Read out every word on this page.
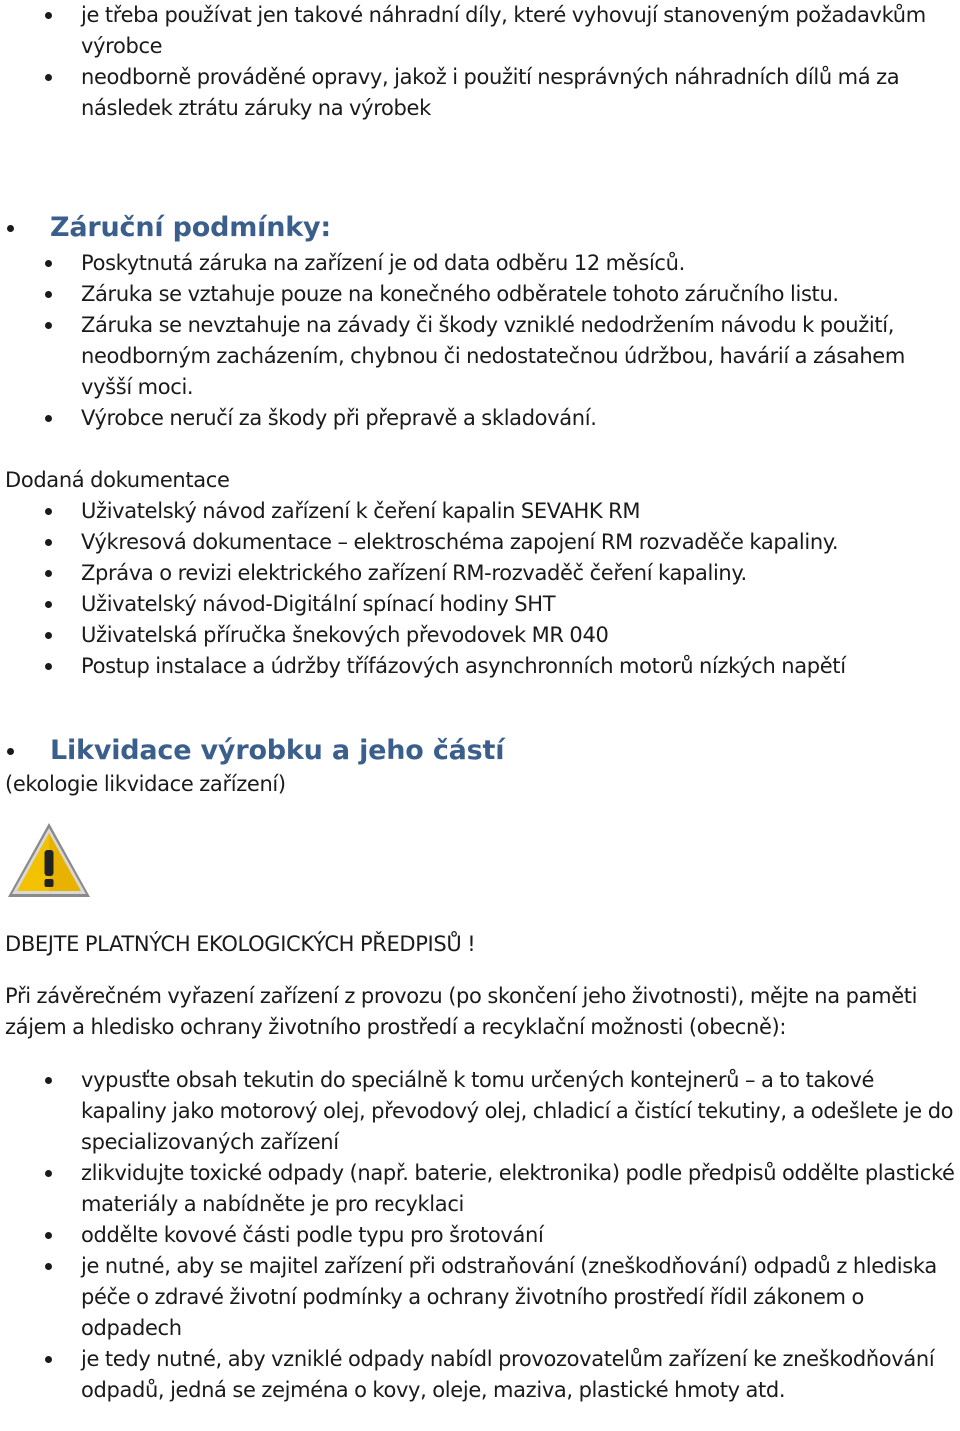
je třeba používat jen takové náhradní díly, které vyhovují stanoveným požadavkům výrobce
neodborně prováděné opravy, jakož i použití nesprávných náhradních dílů má za následek ztrátu záruky na výrobek
Záruční podmínky:
Poskytnutá záruka na zařízení je od data odběru 12 měsíců.
Záruka se vztahuje pouze na konečného odběratele tohoto záručního listu.
Záruka se nevztahuje na závady či škody vzniklé nedodržením návodu k použití, neodborným zacházením, chybnou či nedostatečnou údržbou, havárií a zásahem vyšší moci.
Výrobce neručí za škody při přepravě a skladování.
Dodaná dokumentace
Uživatelský návod zařízení k čeření kapalin SEVAHK RM
Výkresová dokumentace – elektroschéma zapojení RM rozvaděče kapaliny.
Zpráva o revizi elektrického zařízení RM-rozvaděč čeření kapaliny.
Uživatelský návod-Digitální spínací hodiny SHT
Uživatelská příručka šnekových převodovek MR 040
Postup instalace a údržby třífázových asynchronních motorů nízkých napětí
Likvidace výrobku a jeho částí
(ekologie likvidace zařízení)
DBEJTE PLATNÝCH EKOLOGICKÝCH PŘEDPISŮ !
Při závěrečném vyřazení zařízení z provozu (po skončení jeho životnosti), mějte na paměti zájem a hledisko ochrany životního prostředí a recyklační možnosti (obecně):
vypusťte obsah tekutin do speciálně k tomu určených kontejnerů – a to takové kapaliny jako motorový olej, převodový olej, chladicí a čistící tekutiny, a odešlete je do specializovaných zařízení
zlikvidujte toxické odpady (např. baterie, elektronika) podle předpisů oddělte plastické materiály a nabídněte je pro recyklaci
oddělte kovové části podle typu pro šrotování
je nutné, aby se majitel zařízení při odstraňování (zneškodňování) odpadů z hlediska péče o zdravé životní podmínky a ochrany životního prostředí řídil zákonem o odpadech
je tedy nutné, aby vzniklé odpady nabídl provozovatelům zařízení ke zneškodňování odpadů, jedná se zejména o kovy, oleje, maziva, plastické hmoty atd.
